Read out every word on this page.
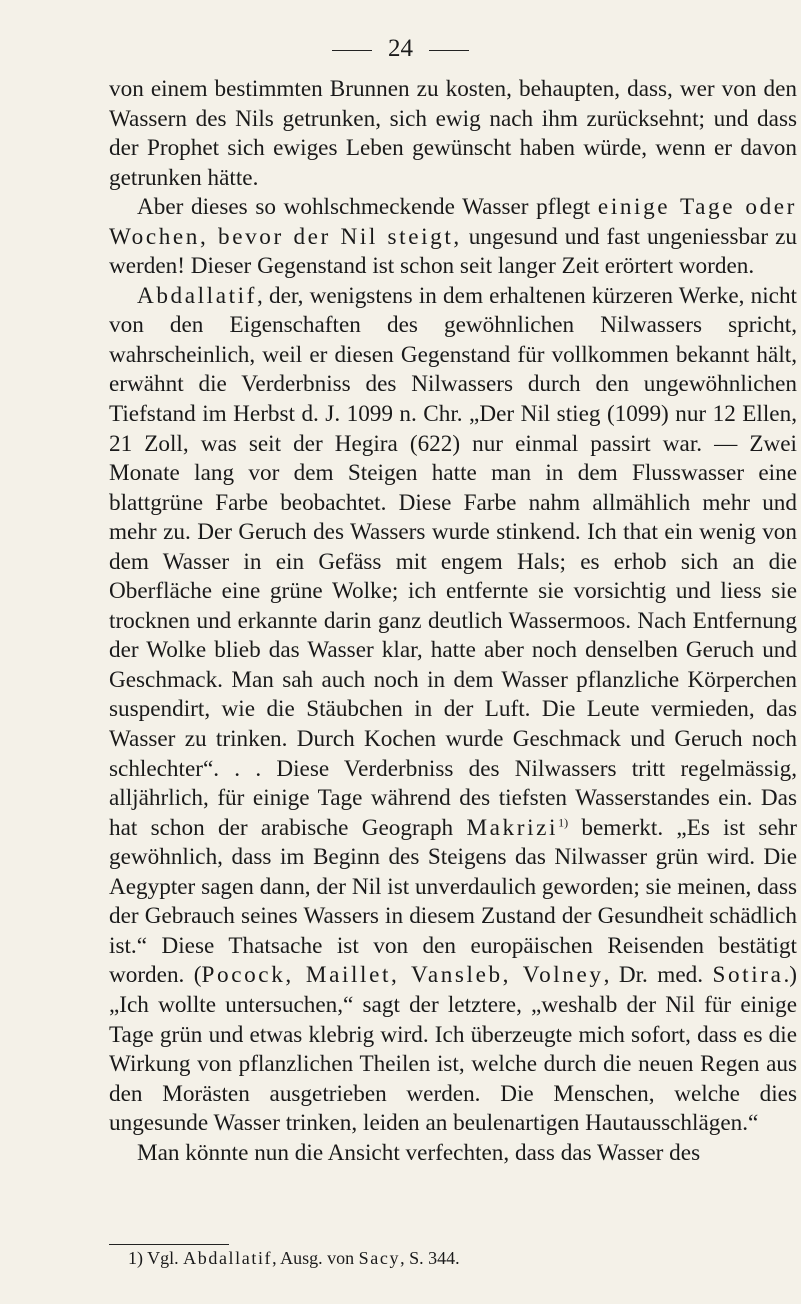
24

von einem bestimmten Brunnen zu kosten, behaupten, dass, wer von den Wassern des Nils getrunken, sich ewig nach ihm zurücksehnt; und dass der Prophet sich ewiges Leben gewünscht haben würde, wenn er davon getrunken hätte.

Aber dieses so wohlschmeckende Wasser pflegt einige Tage oder Wochen, bevor der Nil steigt, ungesund und fast ungeniessbar zu werden! Dieser Gegenstand ist schon seit langer Zeit erörtert worden.

Abdallatif, der, wenigstens in dem erhaltenen kürzeren Werke, nicht von den Eigenschaften des gewöhnlichen Nilwassers spricht, wahrscheinlich, weil er diesen Gegenstand für vollkommen bekannt hält, erwähnt die Verderbniss des Nilwassers durch den ungewöhnlichen Tiefstand im Herbst d. J. 1099 n. Chr. „Der Nil stieg (1099) nur 12 Ellen, 21 Zoll, was seit der Hegira (622) nur einmal passirt war. — Zwei Monate lang vor dem Steigen hatte man in dem Flusswasser eine blattgrüne Farbe beobachtet. Diese Farbe nahm allmählich mehr und mehr zu. Der Geruch des Wassers wurde stinkend. Ich that ein wenig von dem Wasser in ein Gefäss mit engem Hals; es erhob sich an die Oberfläche eine grüne Wolke; ich entfernte sie vorsichtig und liess sie trocknen und erkannte darin ganz deutlich Wassermoos. Nach Entfernung der Wolke blieb das Wasser klar, hatte aber noch denselben Geruch und Geschmack. Man sah auch noch in dem Wasser pflanzliche Körperchen suspendirt, wie die Stäubchen in der Luft. Die Leute vermieden, das Wasser zu trinken. Durch Kochen wurde Geschmack und Geruch noch schlechter“. . . Diese Verderbniss des Nilwassers tritt regelmässig, alljährlich, für einige Tage während des tiefsten Wasserstandes ein. Das hat schon der arabische Geograph Makrizi$^{1)}$ bemerkt. „Es ist sehr gewöhnlich, dass im Beginn des Steigens das Nilwasser grün wird. Die Aegypter sagen dann, der Nil ist unverdaulich geworden; sie meinen, dass der Gebrauch seines Wassers in diesem Zustand der Gesundheit schädlich ist.“ Diese Thatsache ist von den europäischen Reisenden bestätigt worden. (Pocock, Maillet, Vansleb, Volney, Dr. med. Sotira.) „Ich wollte untersuchen,“ sagt der letztere, „weshalb der Nil für einige Tage grün und etwas klebrig wird. Ich überzeugte mich sofort, dass es die Wirkung von pflanzlichen Theilen ist, welche durch die neuen Regen aus den Morästen ausgetrieben werden. Die Menschen, welche dies ungesunde Wasser trinken, leiden an beulenartigen Hautausschlägen.“

Man könnte nun die Ansicht verfechten, dass das Wasser des

1) Vgl. Abdallatif, Ausg. von Sacy, S. 344.
